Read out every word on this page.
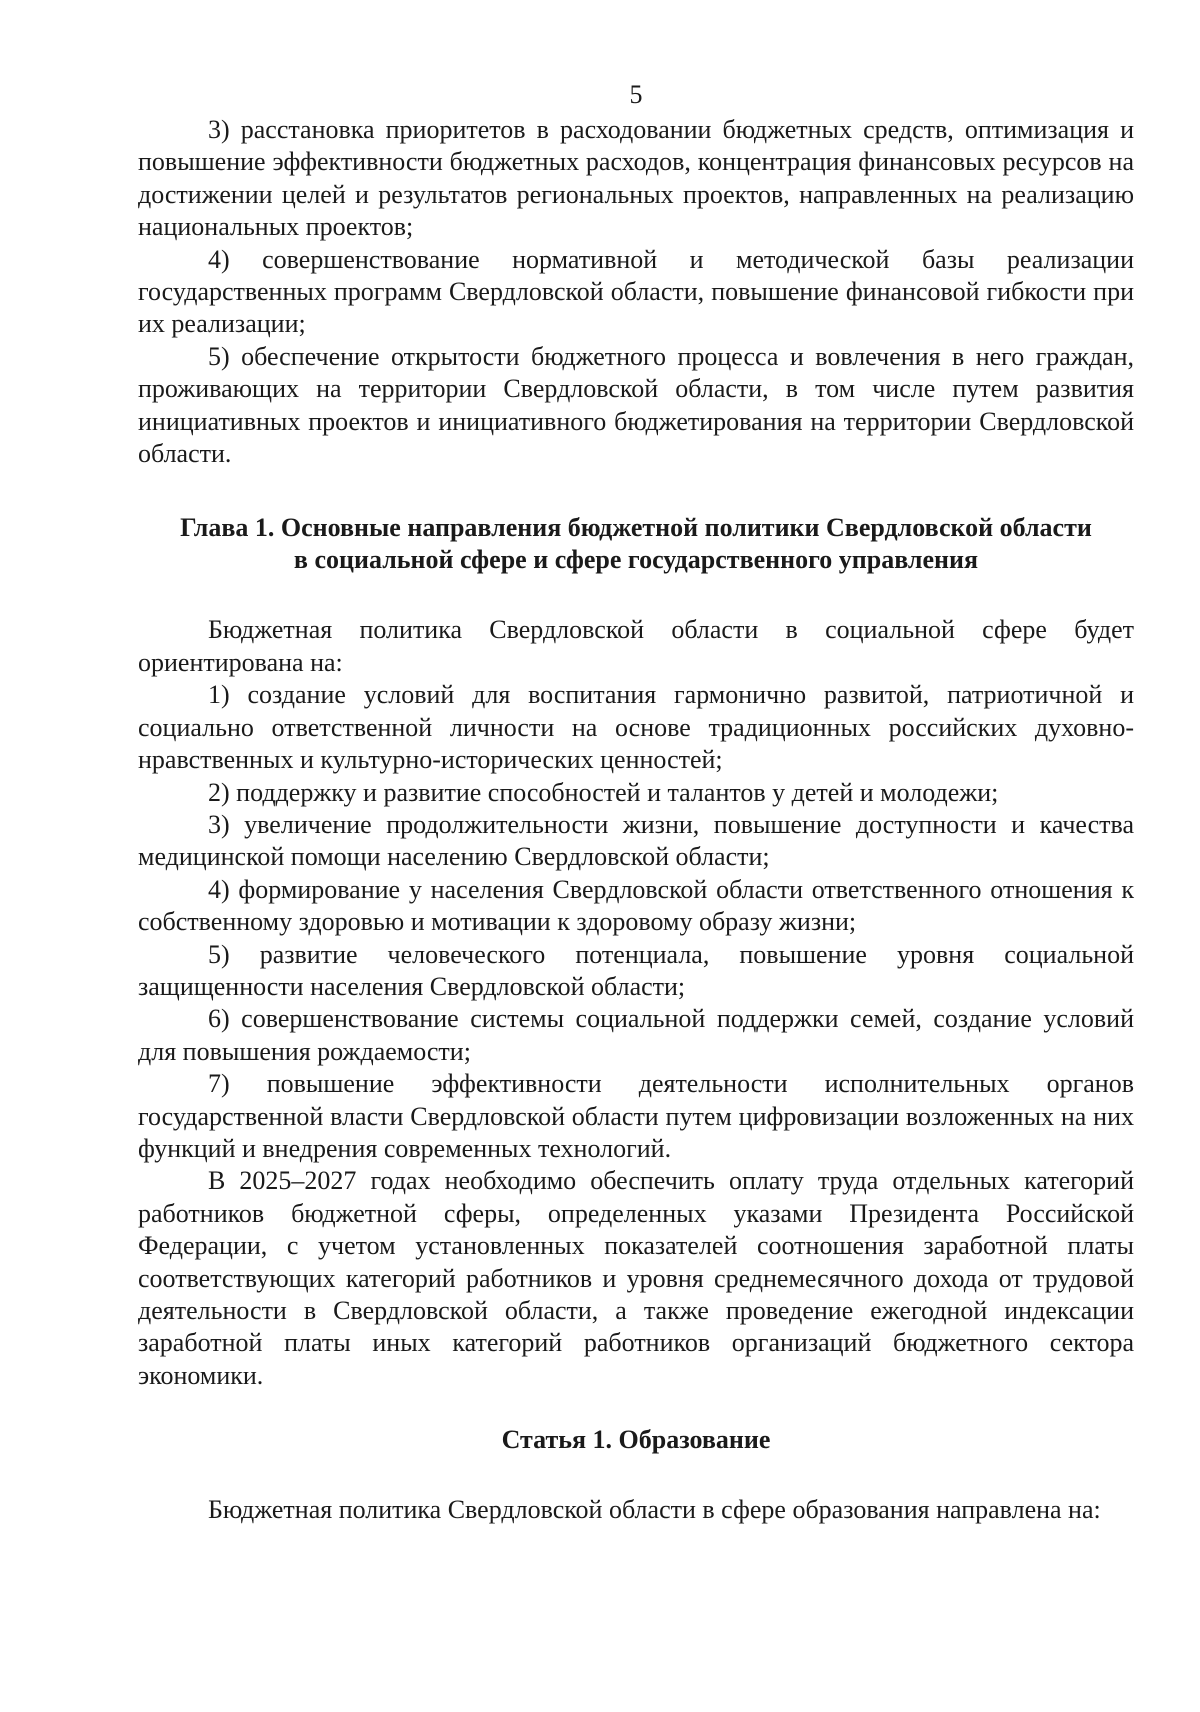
5

3) расстановка приоритетов в расходовании бюджетных средств, оптимизация и повышение эффективности бюджетных расходов, концентрация финансовых ресурсов на достижении целей и результатов региональных проектов, направленных на реализацию национальных проектов;

4) совершенствование нормативной и методической базы реализации государственных программ Свердловской области, повышение финансовой гибкости при их реализации;

5) обеспечение открытости бюджетного процесса и вовлечения в него граждан, проживающих на территории Свердловской области, в том числе путем развития инициативных проектов и инициативного бюджетирования на территории Свердловской области.

Глава 1. Основные направления бюджетной политики Свердловской области
в социальной сфере и сфере государственного управления

Бюджетная политика Свердловской области в социальной сфере будет ориентирована на:

1) создание условий для воспитания гармонично развитой, патриотичной и социально ответственной личности на основе традиционных российских духовно-нравственных и культурно-исторических ценностей;

2) поддержку и развитие способностей и талантов у детей и молодежи;

3) увеличение продолжительности жизни, повышение доступности и качества медицинской помощи населению Свердловской области;

4) формирование у населения Свердловской области ответственного отношения к собственному здоровью и мотивации к здоровому образу жизни;

5) развитие человеческого потенциала, повышение уровня социальной защищенности населения Свердловской области;

6) совершенствование системы социальной поддержки семей, создание условий для повышения рождаемости;

7) повышение эффективности деятельности исполнительных органов государственной власти Свердловской области путем цифровизации возложенных на них функций и внедрения современных технологий.

В 2025–2027 годах необходимо обеспечить оплату труда отдельных категорий работников бюджетной сферы, определенных указами Президента Российской Федерации, с учетом установленных показателей соотношения заработной платы соответствующих категорий работников и уровня среднемесячного дохода от трудовой деятельности в Свердловской области, а также проведение ежегодной индексации заработной платы иных категорий работников организаций бюджетного сектора экономики.

Статья 1. Образование

Бюджетная политика Свердловской области в сфере образования направлена на:
